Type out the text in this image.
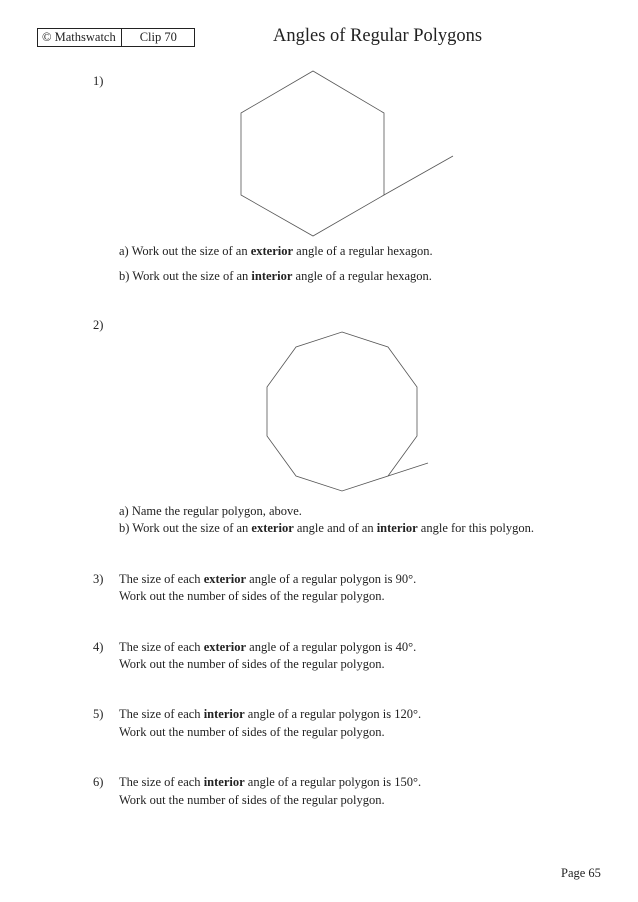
© Mathswatch	Clip 70	Angles of Regular Polygons
1)
a) Work out the size of an exterior angle of a regular hexagon.
b) Work out the size of an interior angle of a regular hexagon.
2)
a) Name the regular polygon, above.
b) Work out the size of an exterior angle and of an interior angle for this polygon.
3) The size of each exterior angle of a regular polygon is 90°.
Work out the number of sides of the regular polygon.
4) The size of each exterior angle of a regular polygon is 40°.
Work out the number of sides of the regular polygon.
5) The size of each interior angle of a regular polygon is 120°.
Work out the number of sides of the regular polygon.
6) The size of each interior angle of a regular polygon is 150°.
Work out the number of sides of the regular polygon.
Page 65
